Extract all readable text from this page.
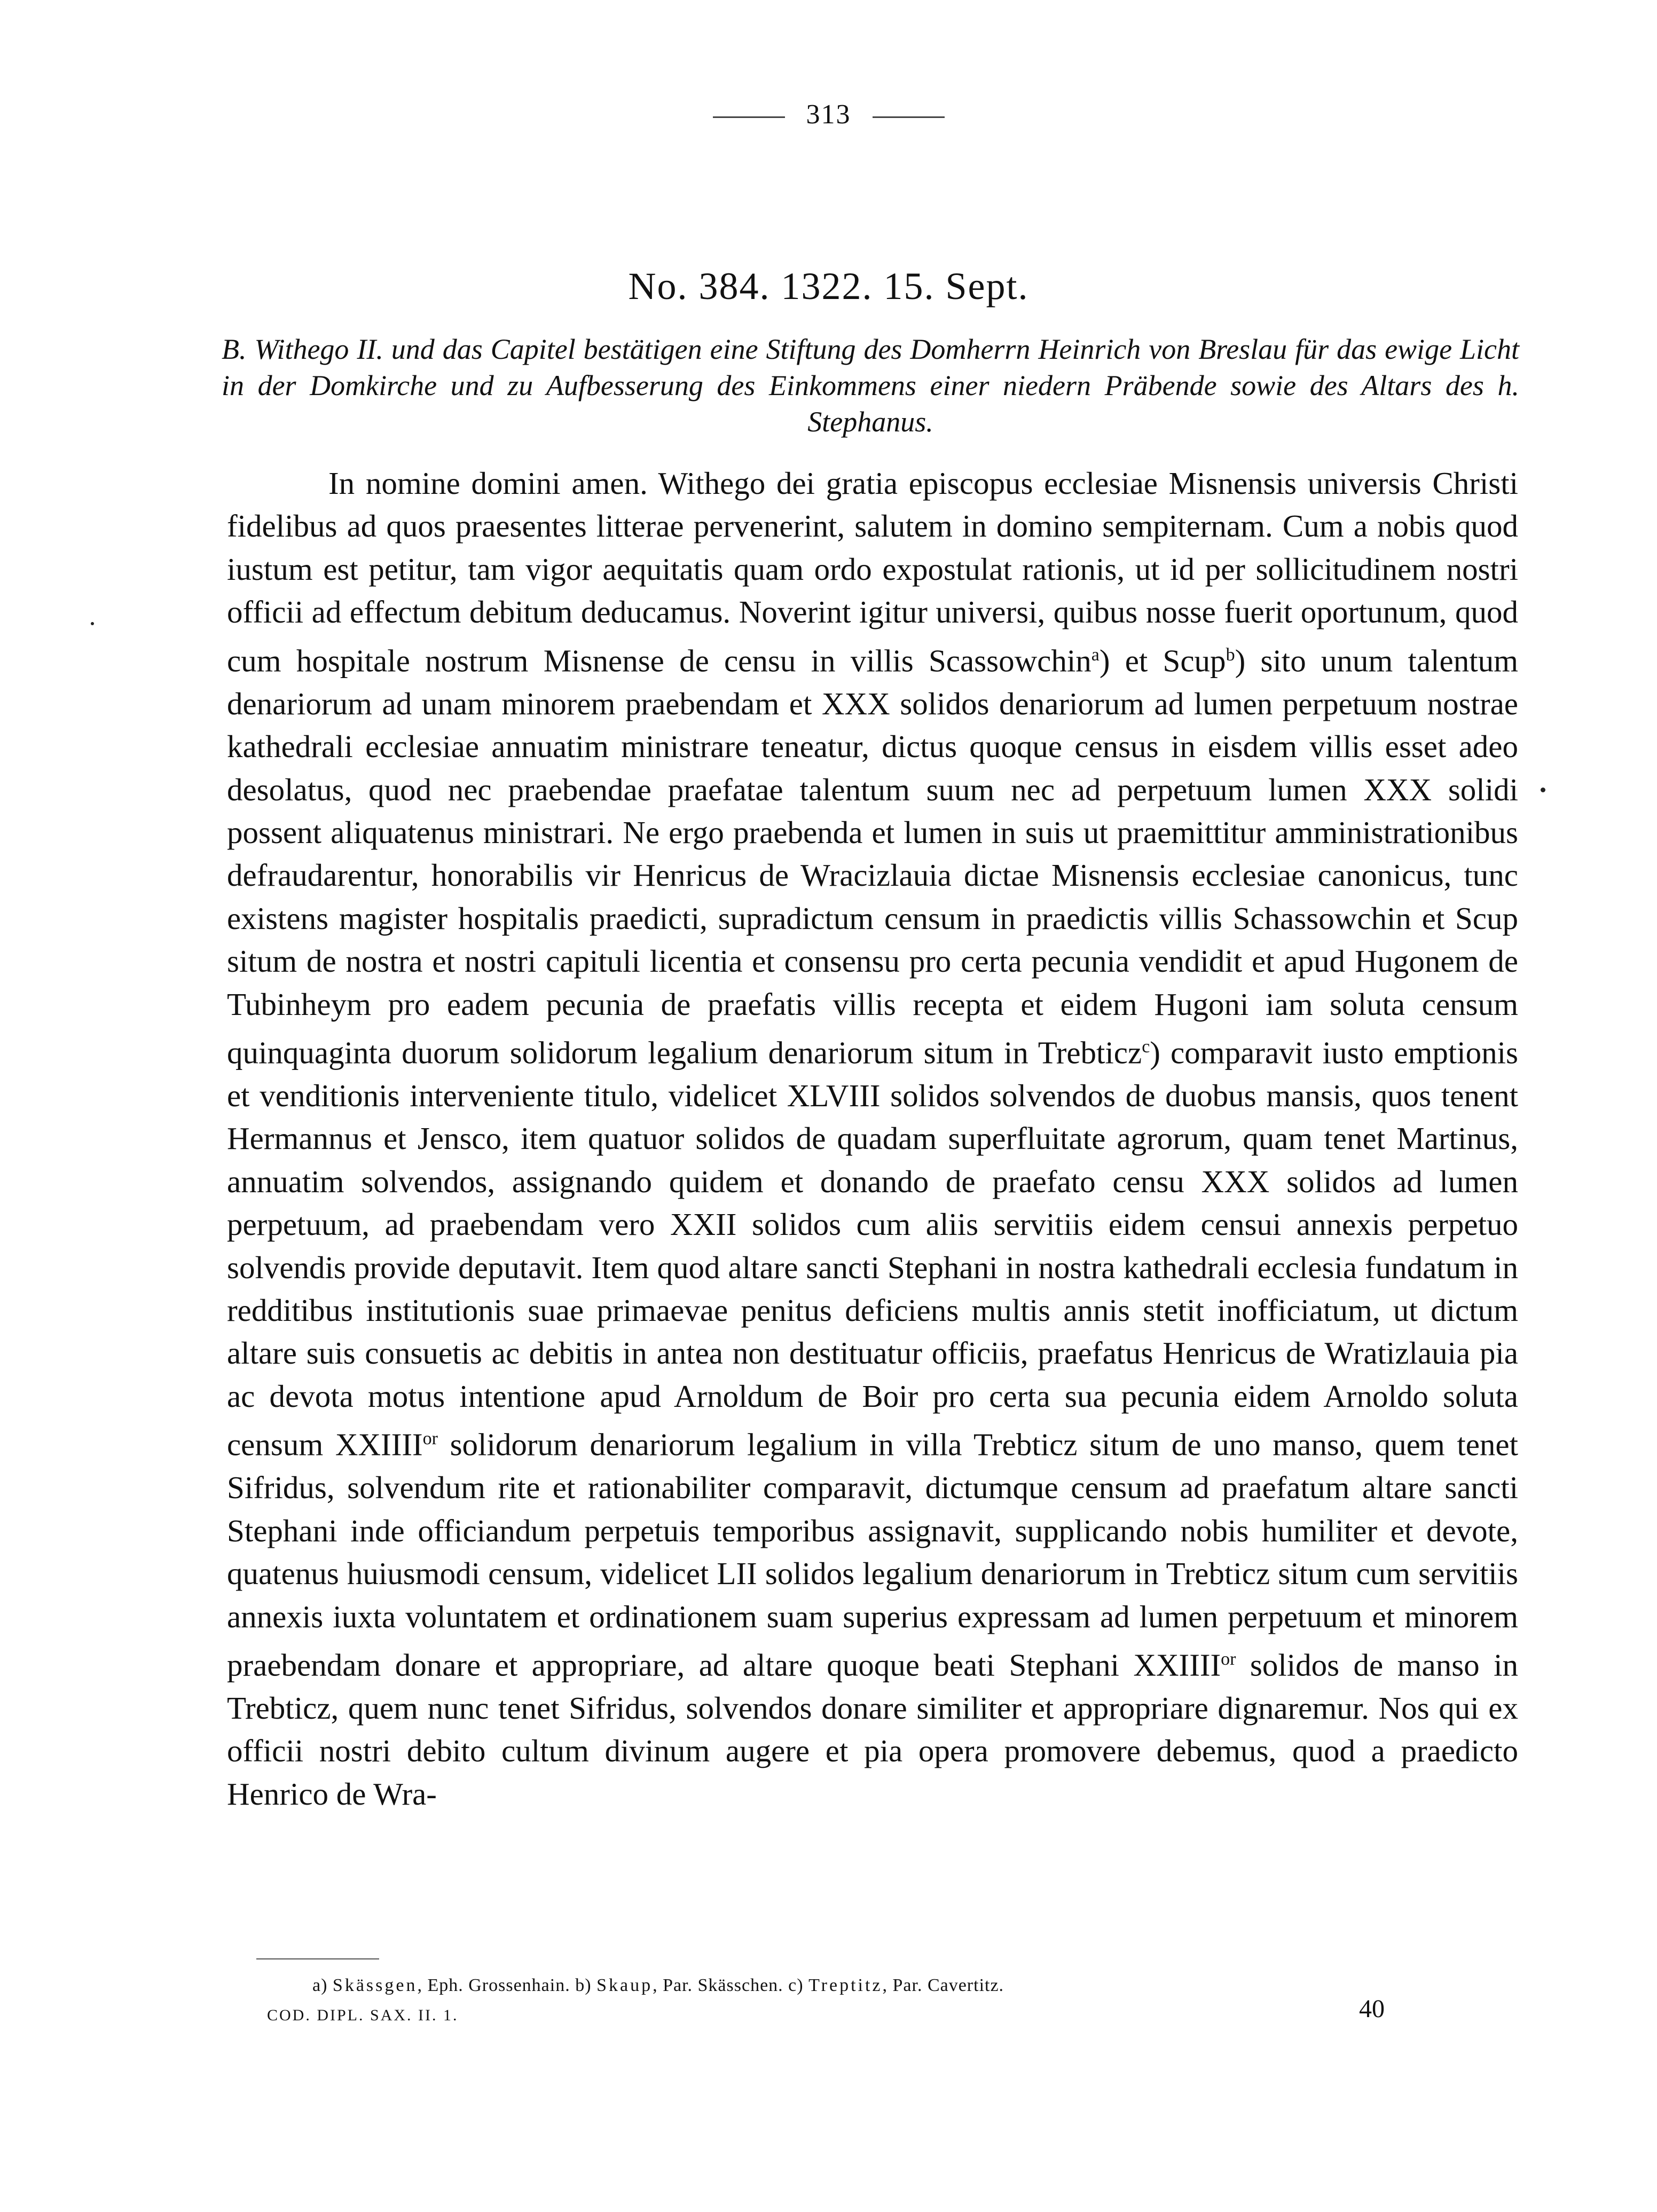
313
No. 384. 1322. 15. Sept.
B. Withego II. und das Capitel bestätigen eine Stiftung des Domherrn Heinrich von Breslau für das ewige Licht in der Domkirche und zu Aufbesserung des Einkommens einer niedern Präbende sowie des Altars des h. Stephanus.
In nomine domini amen. Withego dei gratia episcopus ecclesiae Misnensis universis Christi fidelibus ad quos praesentes litterae pervenerint, salutem in domino sempiternam. Cum a nobis quod iustum est petitur, tam vigor aequitatis quam ordo expostulat rationis, ut id per sollicitudinem nostri officii ad effectum debitum deducamus. Noverint igitur universi, quibus nosse fuerit oportunum, quod cum hospitale nostrum Misnense de censu in villis Scassowchin$^a$) et Scup$^b$) sito unum talentum denariorum ad unam minorem praebendam et XXX solidos denariorum ad lumen perpetuum nostrae kathedrali ecclesiae annuatim ministrare teneatur, dictus quoque census in eisdem villis esset adeo desolatus, quod nec praebendae praefatae talentum suum nec ad perpetuum lumen XXX solidi possent aliquatenus ministrari. Ne ergo praebenda et lumen in suis ut praemittitur amministrationibus defraudarentur, honorabilis vir Henricus de Wracizlauia dictae Misnensis ecclesiae canonicus, tunc existens magister hospitalis praedicti, supradictum censum in praedictis villis Schassowchin et Scup situm de nostra et nostri capituli licentia et consensu pro certa pecunia vendidit et apud Hugonem de Tubinheym pro eadem pecunia de praefatis villis recepta et eidem Hugoni iam soluta censum quinquaginta duorum solidorum legalium denariorum situm in Trebticz$^c$) comparavit iusto emptionis et venditionis interveniente titulo, videlicet XLVIII solidos solvendos de duobus mansis, quos tenent Hermannus et Jensco, item quatuor solidos de quadam superfluitate agrorum, quam tenet Martinus, annuatim solvendos, assignando quidem et donando de praefato censu XXX solidos ad lumen perpetuum, ad praebendam vero XXII solidos cum aliis servitiis eidem censui annexis perpetuo solvendis provide deputavit. Item quod altare sancti Stephani in nostra kathedrali ecclesia fundatum in redditibus institutionis suae primaevae penitus deficiens multis annis stetit inofficiatum, ut dictum altare suis consuetis ac debitis in antea non destituatur officiis, praefatus Henricus de Wratizlauia pia ac devota motus intentione apud Arnoldum de Boir pro certa sua pecunia eidem Arnoldo soluta censum $XXIIII^{or}$ solidorum denariorum legalium in villa Trebticz situm de uno manso, quem tenet Sifridus, solvendum rite et rationabiliter comparavit, dictumque censum ad praefatum altare sancti Stephani inde officiandum perpetuis temporibus assignavit, supplicando nobis humiliter et devote, quatenus huiusmodi censum, videlicet LII solidos legalium denariorum in Trebticz situm cum servitiis annexis iuxta voluntatem et ordinationem suam superius expressam ad lumen perpetuum et minorem praebendam donare et appropriare, ad altare quoque beati Stephani $XXIIII^{or}$ solidos de manso in Trebticz, quem nunc tenet Sifridus, solvendos donare similiter et appropriare dignaremur. Nos qui ex officii nostri debito cultum divinum augere et pia opera promovere debemus, quod a praedicto Henrico de Wra-
a) Skässgen, Eph. Grossenhain. b) Skaup, Par. Skässchen. c) Treptitz, Par. Cavertitz.
COD. DIPL. SAX. II. 1.	40
